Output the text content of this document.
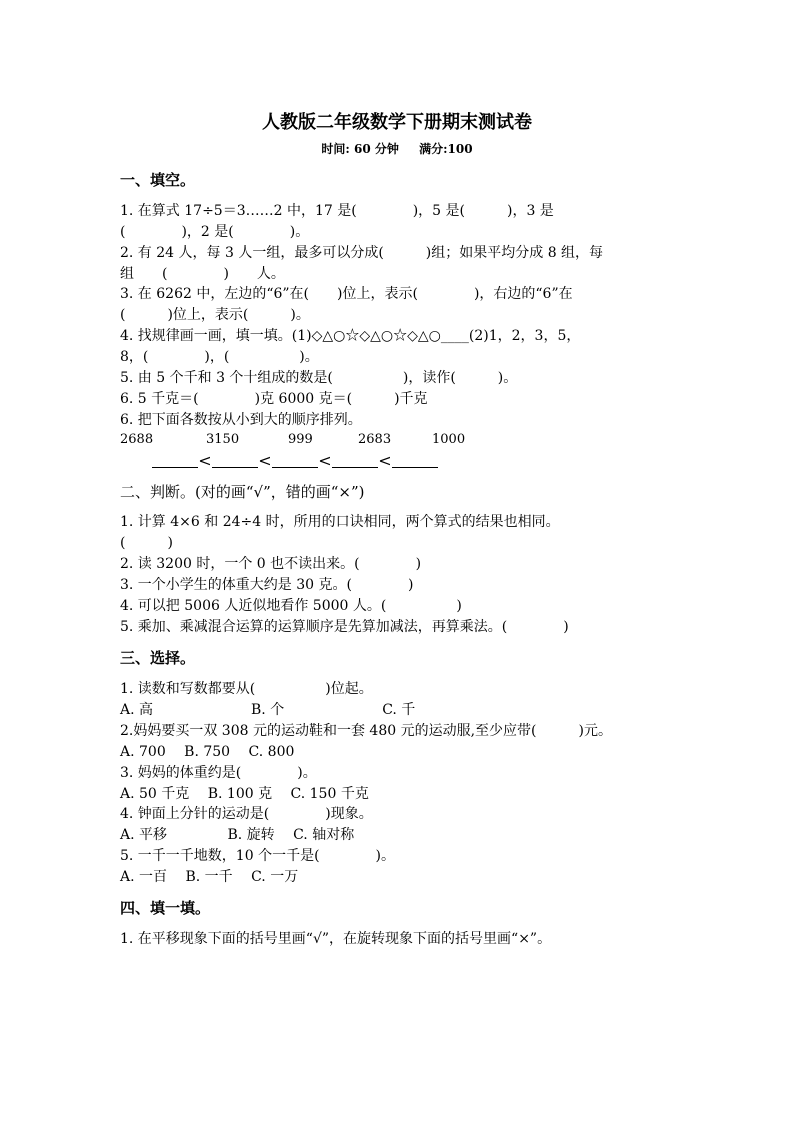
人教版二年级数学下册期末测试卷
时间: 60 分钟 满分:100
一、填空。
1. 在算式 17÷5＝3……2 中，17 是(　　　　)，5 是(　　　)，3 是
(　　　　)，2 是(　　　　)。
2. 有 24 人，每 3 人一组，最多可以分成(　　　)组；如果平均分成 8 组，每
组　　(　　　　)　　人。
3. 在 6262 中，左边的“6”在(　　)位上，表示(　　　　)，右边的“6”在
(　　　)位上，表示(　　　)。
4. 找规律画一画，填一填。(1)◇△○☆◇△○☆◇△○____(2)1，2，3，5，
8，(　　　　)，(　　　　　)。
5. 由 5 个千和 3 个十组成的数是(　　　　　)，读作(　　　)。
6. 5 千克＝(　　　　)克 6000 克＝(　　　)千克
6. 把下面各数按从小到大的顺序排列。
2688	3150	999	2683	1000
<	<	<	<
二、判断。(对的画“√”，错的画“×”)
1. 计算 4×6 和 24÷4 时，所用的口诀相同，两个算式的结果也相同。
(　　　)
2. 读 3200 时，一个 0 也不读出来。(　　　　)
3. 一个小学生的体重大约是 30 克。(　　　　)
4. 可以把 5006 人近似地看作 5000 人。(　　　　　)
5. 乘加、乘减混合运算的运算顺序是先算加减法，再算乘法。(　　　　)
三、选择。
1. 读数和写数都要从(　　　　　)位起。
A. 高　　　　　　　B. 个　　　　　　　C. 千
2.妈妈要买一双 308 元的运动鞋和一套 480 元的运动服,至少应带(　　　)元。
A. 700　 B. 750　 C. 800
3. 妈妈的体重约是(　　　　)。
A. 50 千克　 B. 100 克　 C. 150 千克
4. 钟面上分针的运动是(　　　　)现象。
A. 平移　　　　 B. 旋转　 C. 轴对称
5. 一千一千地数，10 个一千是(　　　　)。
A. 一百　 B. 一千　 C. 一万
四、填一填。
1. 在平移现象下面的括号里画“√”，在旋转现象下面的括号里画“×”。
